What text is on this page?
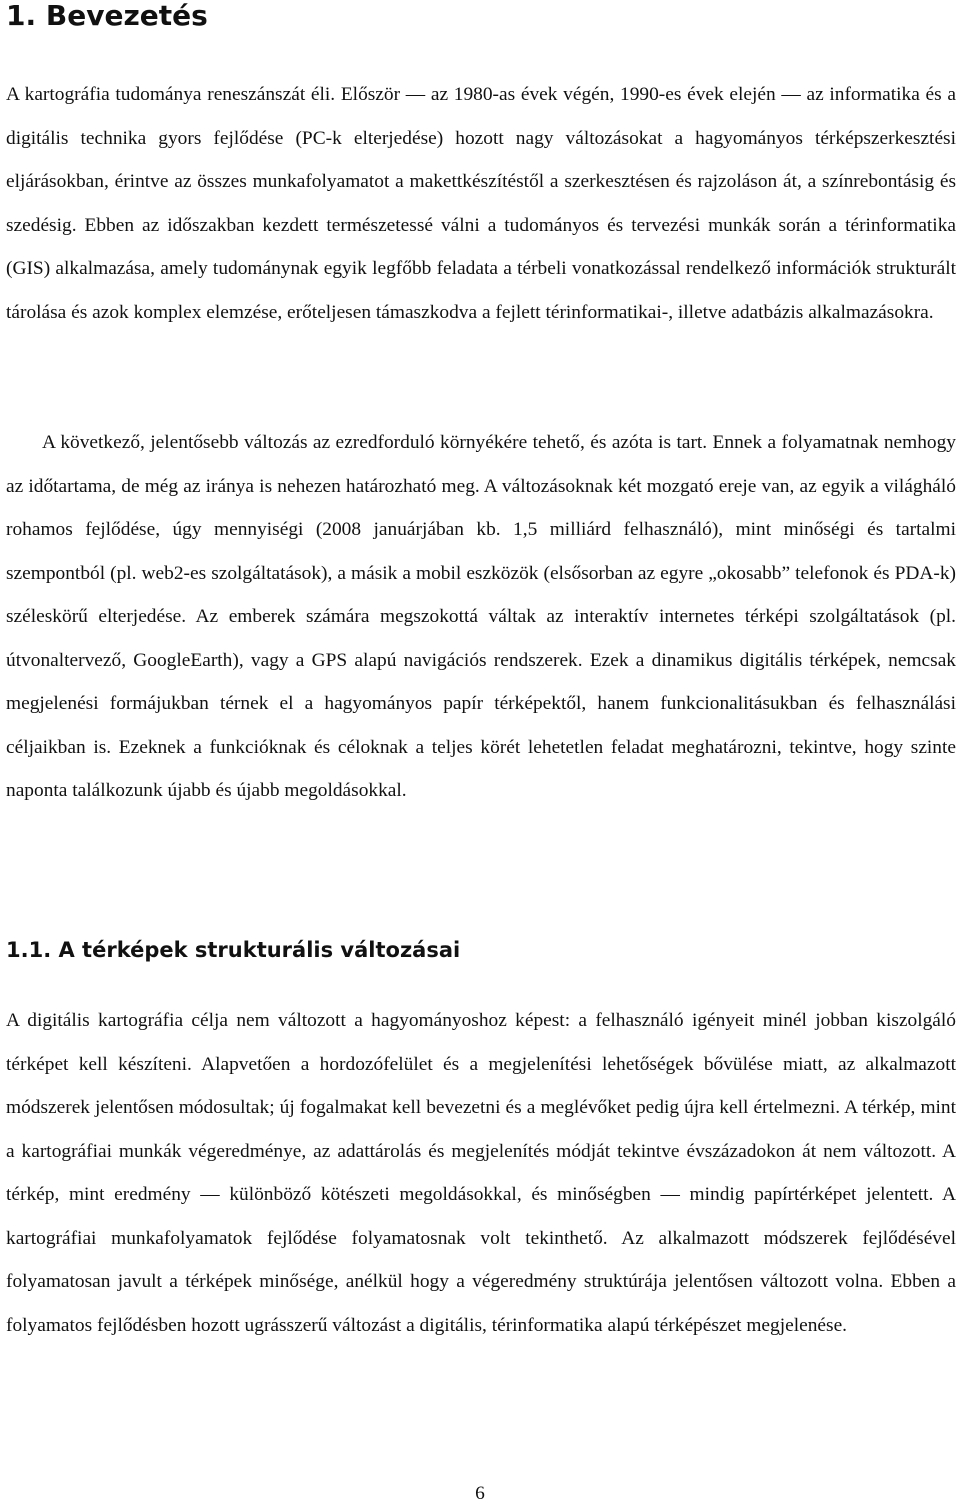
1. Bevezetés

A kartográfia tudománya reneszánszát éli. Először — az 1980-as évek végén, 1990-es évek elején — az informatika és a digitális technika gyors fejlődése (PC-k elterjedése) hozott nagy változásokat a hagyományos térképszerkesztési eljárásokban, érintve az összes munkafolyamatot a makettkészítéstől a szerkesztésen és rajzoláson át, a színrebontásig és szedésig. Ebben az időszakban kezdett természetessé válni a tudományos és tervezési munkák során a térinformatika (GIS) alkalmazása, amely tudománynak egyik legfőbb feladata a térbeli vonatkozással rendelkező információk strukturált tárolása és azok komplex elemzése, erőteljesen támaszkodva a fejlett térinformatikai-, illetve adatbázis alkalmazásokra.

A következő, jelentősebb változás az ezredforduló környékére tehető, és azóta is tart. Ennek a folyamatnak nemhogy az időtartama, de még az iránya is nehezen határozható meg. A változásoknak két mozgató ereje van, az egyik a világháló rohamos fejlődése, úgy mennyiségi (2008 januárjában kb. 1,5 milliárd felhasználó), mint minőségi és tartalmi szempontból (pl. web2-es szolgáltatások), a másik a mobil eszközök (elsősorban az egyre „okosabb” telefonok és PDA-k) széleskörű elterjedése. Az emberek számára megszokottá váltak az interaktív internetes térképi szolgáltatások (pl. útvonaltervező, GoogleEarth), vagy a GPS alapú navigációs rendszerek. Ezek a dinamikus digitális térképek, nemcsak megjelenési formájukban térnek el a hagyományos papír térképektől, hanem funkcionalitásukban és felhasználási céljaikban is. Ezeknek a funkcióknak és céloknak a teljes körét lehetetlen feladat meghatározni, tekintve, hogy szinte naponta találkozunk újabb és újabb megoldásokkal.

1.1. A térképek strukturális változásai

A digitális kartográfia célja nem változott a hagyományoshoz képest: a felhasználó igényeit minél jobban kiszolgáló térképet kell készíteni. Alapvetően a hordozófelület és a megjelenítési lehetőségek bővülése miatt, az alkalmazott módszerek jelentősen módosultak; új fogalmakat kell bevezetni és a meglévőket pedig újra kell értelmezni. A térkép, mint a kartográfiai munkák végeredménye, az adattárolás és megjelenítés módját tekintve évszázadokon át nem változott. A térkép, mint eredmény — különböző kötészeti megoldásokkal, és minőségben — mindig papírtérképet jelentett. A kartográfiai munkafolyamatok fejlődése folyamatosnak volt tekinthető. Az alkalmazott módszerek fejlődésével folyamatosan javult a térképek minősége, anélkül hogy a végeredmény struktúrája jelentősen változott volna. Ebben a folyamatos fejlődésben hozott ugrásszerű változást a digitális, térinformatika alapú térképészet megjelenése.

6
